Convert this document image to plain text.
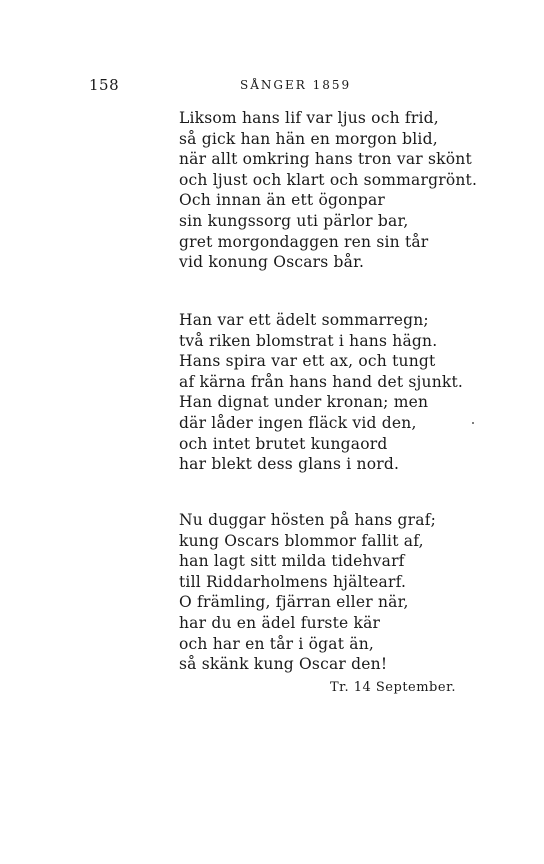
158	SÅNGER 1859
Liksom hans lif var ljus och frid,
så gick han hän en morgon blid,
när allt omkring hans tron var skönt
och ljust och klart och sommargrönt.
Och innan än ett ögonpar
sin kungssorg uti pärlor bar,
gret morgondaggen ren sin tår
vid konung Oscars bår.
Han var ett ädelt sommarregn;
två riken blomstrat i hans hägn.
Hans spira var ett ax, och tungt
af kärna från hans hand det sjunkt.
Han dignat under kronan; men
där låder ingen fläck vid den,
och intet brutet kungaord
har blekt dess glans i nord.
Nu duggar hösten på hans graf;
kung Oscars blommor fallit af,
han lagt sitt milda tidehvarf
till Riddarholmens hjältearf.
O främling, fjärran eller när,
har du en ädel furste kär
och har en tår i ögat än,
så skänk kung Oscar den!
Tr. 14 September.
